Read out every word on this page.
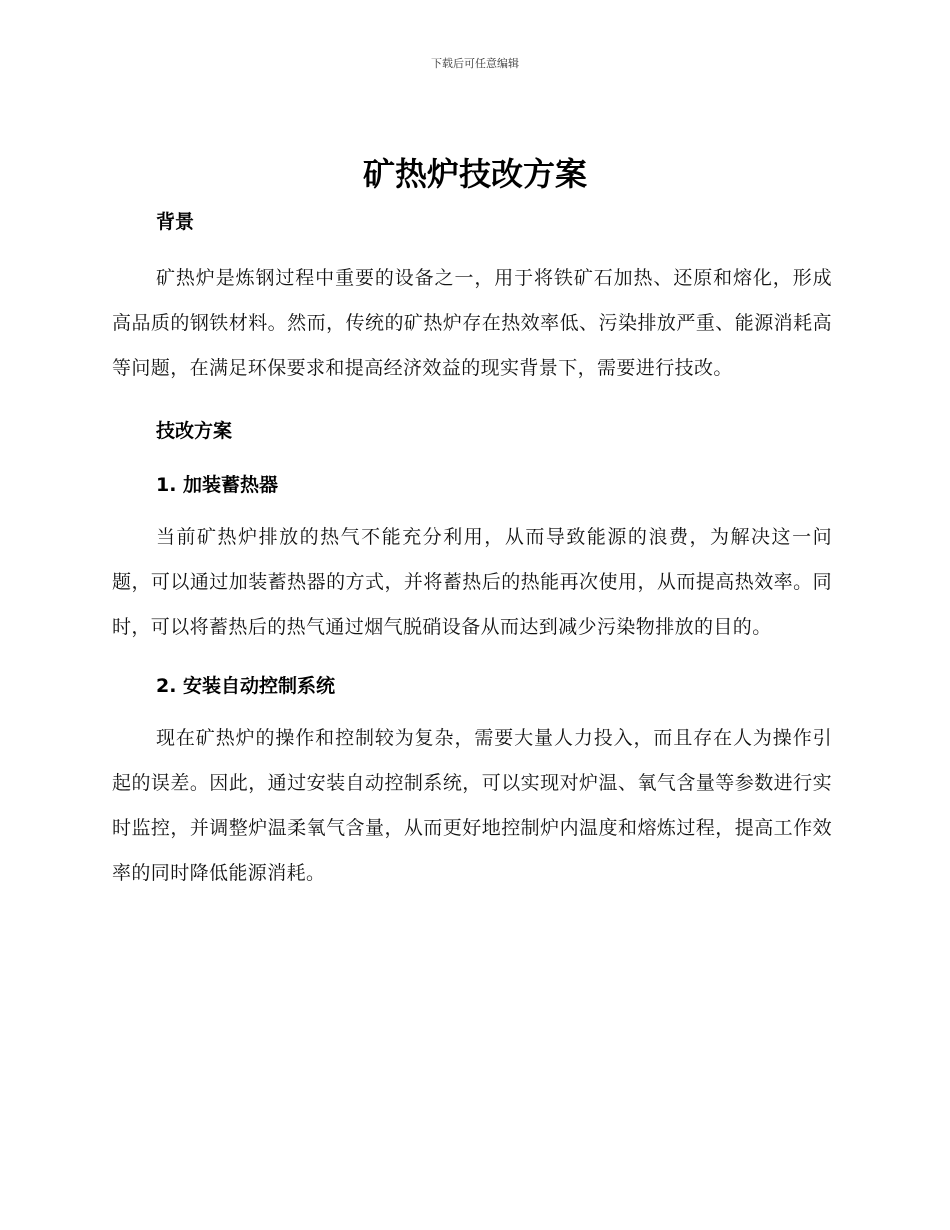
下载后可任意编辑
矿热炉技改方案
背景

矿热炉是炼钢过程中重要的设备之一，用于将铁矿石加热、还原和熔化，形成高品质的钢铁材料。然而，传统的矿热炉存在热效率低、污染排放严重、能源消耗高等问题，在满足环保要求和提高经济效益的现实背景下，需要进行技改。

技改方案
1. 加装蓄热器

当前矿热炉排放的热气不能充分利用，从而导致能源的浪费，为解决这一问题，可以通过加装蓄热器的方式，并将蓄热后的热能再次使用，从而提高热效率。同时，可以将蓄热后的热气通过烟气脱硝设备从而达到减少污染物排放的目的。

2. 安装自动控制系统

现在矿热炉的操作和控制较为复杂，需要大量人力投入，而且存在人为操作引起的误差。因此，通过安装自动控制系统，可以实现对炉温、氧气含量等参数进行实时监控，并调整炉温柔氧气含量，从而更好地控制炉内温度和熔炼过程，提高工作效率的同时降低能源消耗。
